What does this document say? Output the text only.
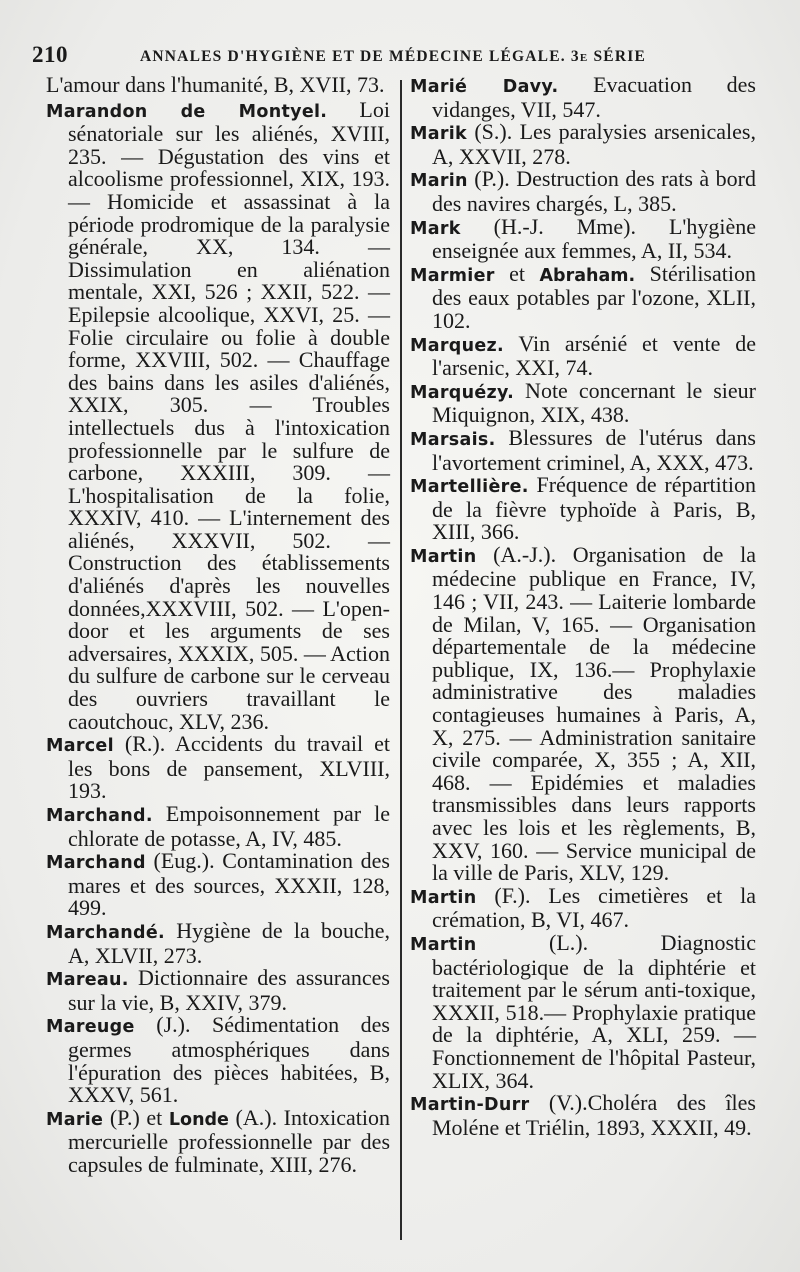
210	ANNALES D'HYGIÈNE ET DE MÉDECINE LÉGALE. 3e SÉRIE

L'amour dans l'humanité, B, XVII, 73.

Marandon de Montyel. Loi sénatoriale sur les aliénés, XVIII, 235. — Dégustation des vins et alcoolisme professionnel, XIX, 193. — Homicide et assassinat à la période prodromique de la paralysie générale, XX, 134. — Dissimulation en aliénation mentale, XXI, 526 ; XXII, 522. — Epilepsie alcoolique, XXVI, 25. — Folie circulaire ou folie à double forme, XXVIII, 502. — Chauffage des bains dans les asiles d'aliénés, XXIX, 305. — Troubles intellectuels dus à l'intoxication professionnelle par le sulfure de carbone, XXXIII, 309. — L'hospitalisation de la folie, XXXIV, 410. — L'internement des aliénés, XXXVII, 502. — Construction des établissements d'aliénés d'après les nouvelles données,XXXVIII, 502. — L'open-door et les arguments de ses adversaires, XXXIX, 505. — Action du sulfure de carbone sur le cerveau des ouvriers travaillant le caoutchouc, XLV, 236.

Marcel (R.). Accidents du travail et les bons de pansement, XLVIII, 193.

Marchand. Empoisonnement par le chlorate de potasse, A, IV, 485.

Marchand (Eug.). Contamination des mares et des sources, XXXII, 128, 499.

Marchandé. Hygiène de la bouche, A, XLVII, 273.

Mareau. Dictionnaire des assurances sur la vie, B, XXIV, 379.

Mareuge (J.). Sédimentation des germes atmosphériques dans l'épuration des pièces habitées, B, XXXV, 561.

Marie (P.) et Londe (A.). Intoxication mercurielle professionnelle par des capsules de fulminate, XIII, 276.

Marié Davy. Evacuation des vidanges, VII, 547.

Marik (S.). Les paralysies arsenicales, A, XXVII, 278.

Marin (P.). Destruction des rats à bord des navires chargés, L, 385.

Mark (H.-J. Mme). L'hygiène enseignée aux femmes, A, II, 534.

Marmier et Abraham. Stérilisation des eaux potables par l'ozone, XLII, 102.

Marquez. Vin arsénié et vente de l'arsenic, XXI, 74.

Marquézy. Note concernant le sieur Miquignon, XIX, 438.

Marsais. Blessures de l'utérus dans l'avortement criminel, A, XXX, 473.

Martellière. Fréquence de répartition de la fièvre typhoïde à Paris, B, XIII, 366.

Martin (A.-J.). Organisation de la médecine publique en France, IV, 146 ; VII, 243. — Laiterie lombarde de Milan, V, 165. — Organisation départementale de la médecine publique, IX, 136.— Prophylaxie administrative des maladies contagieuses humaines à Paris, A, X, 275. — Administration sanitaire civile comparée, X, 355 ; A, XII, 468. — Epidémies et maladies transmissibles dans leurs rapports avec les lois et les règlements, B, XXV, 160. — Service municipal de la ville de Paris, XLV, 129.

Martin (F.). Les cimetières et la crémation, B, VI, 467.

Martin (L.). Diagnostic bactériologique de la diphtérie et traitement par le sérum anti-toxique, XXXII, 518.— Prophylaxie pratique de la diphtérie, A, XLI, 259. — Fonctionnement de l'hôpital Pasteur, XLIX, 364.

Martin-Durr (V.).Choléra des îles Moléne et Triélin, 1893, XXXII, 49.
